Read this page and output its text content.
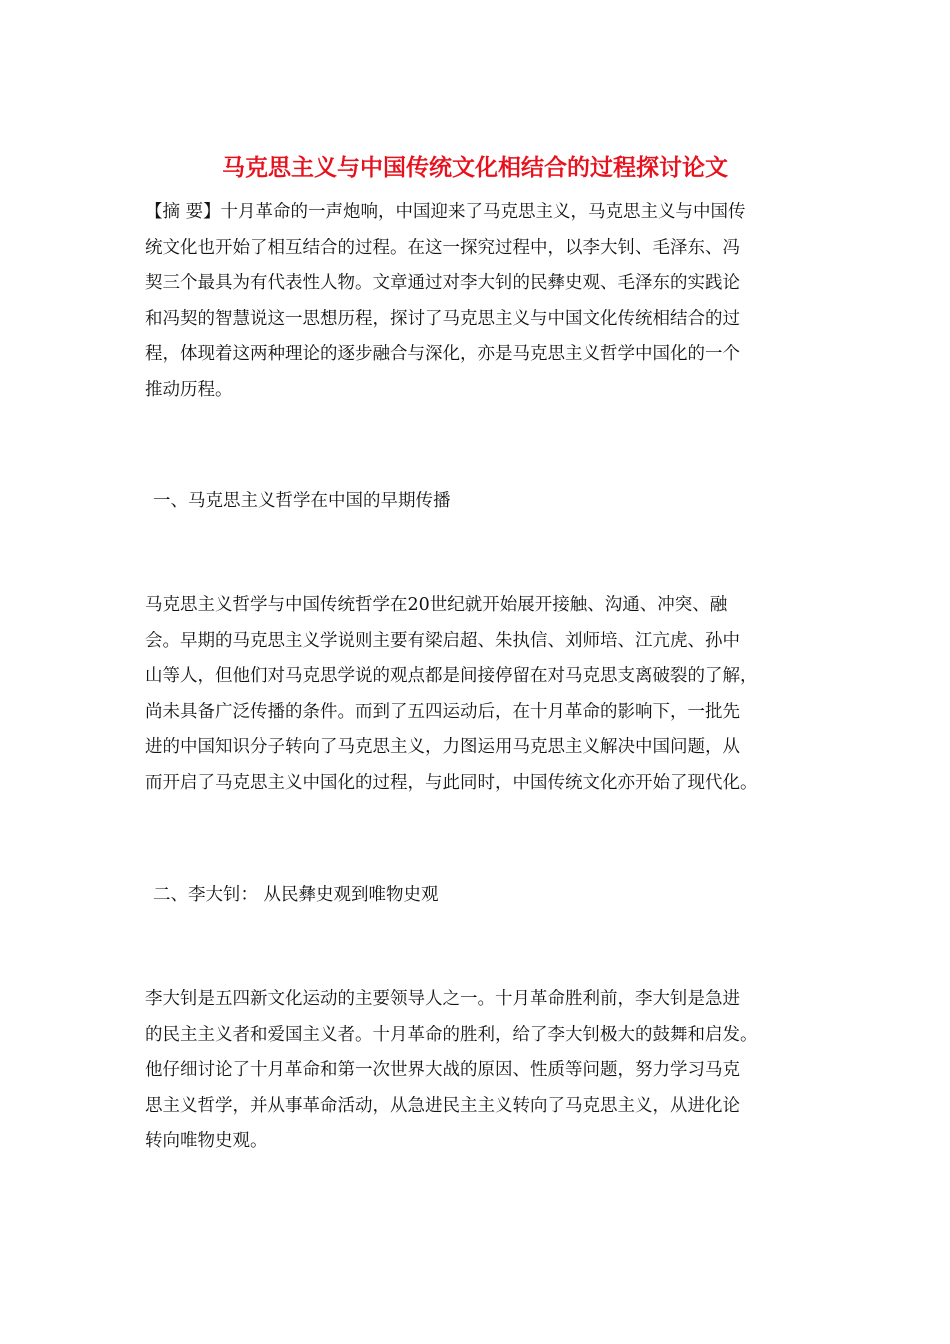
马克思主义与中国传统文化相结合的过程探讨论文
【摘 要】十月革命的一声炮响，中国迎来了马克思主义，马克思主义与中国传
统文化也开始了相互结合的过程。在这一探究过程中，以李大钊、毛泽东、冯
契三个最具为有代表性人物。文章通过对李大钊的民彝史观、毛泽东的实践论
和冯契的智慧说这一思想历程，探讨了马克思主义与中国文化传统相结合的过
程，体现着这两种理论的逐步融合与深化，亦是马克思主义哲学中国化的一个
推动历程。
一、马克思主义哲学在中国的早期传播
马克思主义哲学与中国传统哲学在20世纪就开始展开接触、沟通、冲突、融
会。早期的马克思主义学说则主要有梁启超、朱执信、刘师培、江亢虎、孙中
山等人，但他们对马克思学说的观点都是间接停留在对马克思支离破裂的了解，
尚未具备广泛传播的条件。而到了五四运动后，在十月革命的影响下，一批先
进的中国知识分子转向了马克思主义，力图运用马克思主义解决中国问题，从
而开启了马克思主义中国化的过程，与此同时，中国传统文化亦开始了现代化。
二、李大钊： 从民彝史观到唯物史观
李大钊是五四新文化运动的主要领导人之一。十月革命胜利前，李大钊是急进
的民主主义者和爱国主义者。十月革命的胜利，给了李大钊极大的鼓舞和启发。
他仔细讨论了十月革命和第一次世界大战的原因、性质等问题，努力学习马克
思主义哲学，并从事革命活动，从急进民主主义转向了马克思主义，从进化论
转向唯物史观。
